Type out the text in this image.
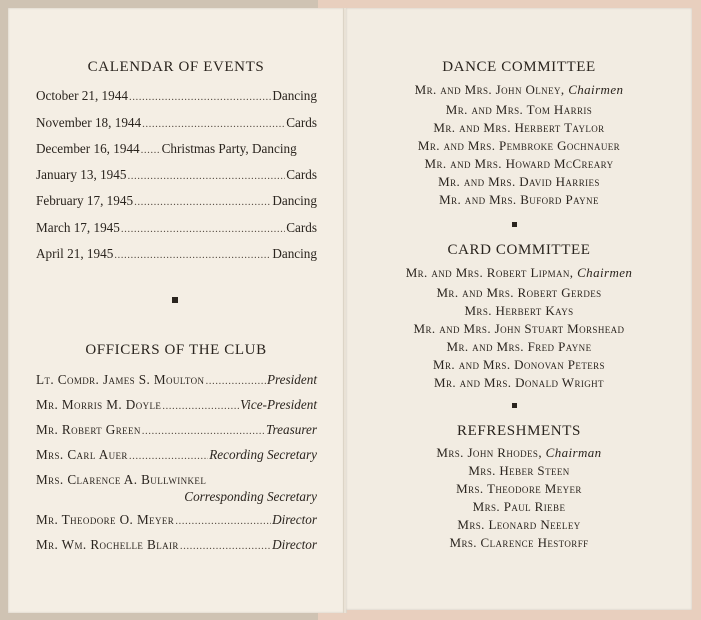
CALENDAR OF EVENTS
October 21, 1944 .....	Dancing
November 18, 1944 .....	Cards
December 16, 1944 ..... Christmas Party, Dancing
January 13, 1945 .....	Cards
February 17, 1945 .....	Dancing
March 17, 1945 .....	Cards
April 21, 1945 .....	Dancing
OFFICERS OF THE CLUB
Lt. Comdr. James S. Moulton .....	President
Mr. Morris M. Doyle .....	Vice-President
Mr. Robert Green .....	Treasurer
Mrs. Carl Auer .....	Recording Secretary
Mrs. Clarence A. Bullwinkel
Corresponding Secretary
Mr. Theodore O. Meyer .....	Director
Mr. Wm. Rochelle Blair .....	Director
DANCE COMMITTEE
Mr. and Mrs. John Olney, Chairmen
Mr. and Mrs. Tom Harris
Mr. and Mrs. Herbert Taylor
Mr. and Mrs. Pembroke Gochnauer
Mr. and Mrs. Howard McCreary
Mr. and Mrs. David Harries
Mr. and Mrs. Buford Payne
CARD COMMITTEE
Mr. and Mrs. Robert Lipman, Chairmen
Mr. and Mrs. Robert Gerdes
Mrs. Herbert Kays
Mr. and Mrs. John Stuart Morshead
Mr. and Mrs. Fred Payne
Mr. and Mrs. Donovan Peters
Mr. and Mrs. Donald Wright
REFRESHMENTS
Mrs. John Rhodes, Chairman
Mrs. Heber Steen
Mrs. Theodore Meyer
Mrs. Paul Riebe
Mrs. Leonard Neeley
Mrs. Clarence Hestorff
